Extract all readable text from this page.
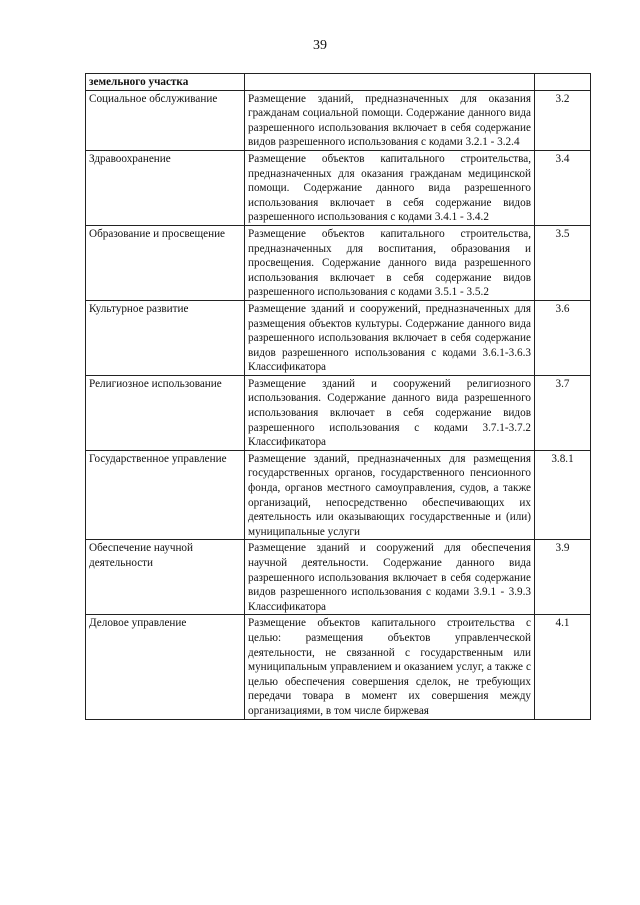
39
земельного участка		
Социальное обслуживание	Размещение зданий, предназначенных для оказания гражданам социальной помощи. Содержание данного вида разрешенного использования включает в себя содержание видов разрешенного использования с кодами 3.2.1 - 3.2.4	3.2
Здравоохранение	Размещение объектов капитального строительства, предназначенных для оказания гражданам медицинской помощи. Содержание данного вида разрешенного использования включает в себя содержание видов разрешенного использования с кодами 3.4.1 - 3.4.2	3.4
Образование и просвещение	Размещение объектов капитального строительства, предназначенных для воспитания, образования и просвещения. Содержание данного вида разрешенного использования включает в себя содержание видов разрешенного использования с кодами 3.5.1 - 3.5.2	3.5
Культурное развитие	Размещение зданий и сооружений, предназначенных для размещения объектов культуры. Содержание данного вида разрешенного использования включает в себя содержание видов разрешенного использования с кодами 3.6.1-3.6.3 Классификатора	3.6
Религиозное использование	Размещение зданий и сооружений религиозного использования. Содержание данного вида разрешенного использования включает в себя содержание видов разрешенного использования с кодами 3.7.1-3.7.2 Классификатора	3.7
Государственное управление	Размещение зданий, предназначенных для размещения государственных органов, государственного пенсионного фонда, органов местного самоуправления, судов, а также организаций, непосредственно обеспечивающих их деятельность или оказывающих государственные и (или) муниципальные услуги	3.8.1
Обеспечение научной деятельности	Размещение зданий и сооружений для обеспечения научной деятельности. Содержание данного вида разрешенного использования включает в себя содержание видов разрешенного использования с кодами 3.9.1 - 3.9.3 Классификатора	3.9
Деловое управление	Размещение объектов капитального строительства с целью: размещения объектов управленческой деятельности, не связанной с государственным или муниципальным управлением и оказанием услуг, а также с целью обеспечения совершения сделок, не требующих передачи товара в момент их совершения между организациями, в том числе биржевая	4.1
